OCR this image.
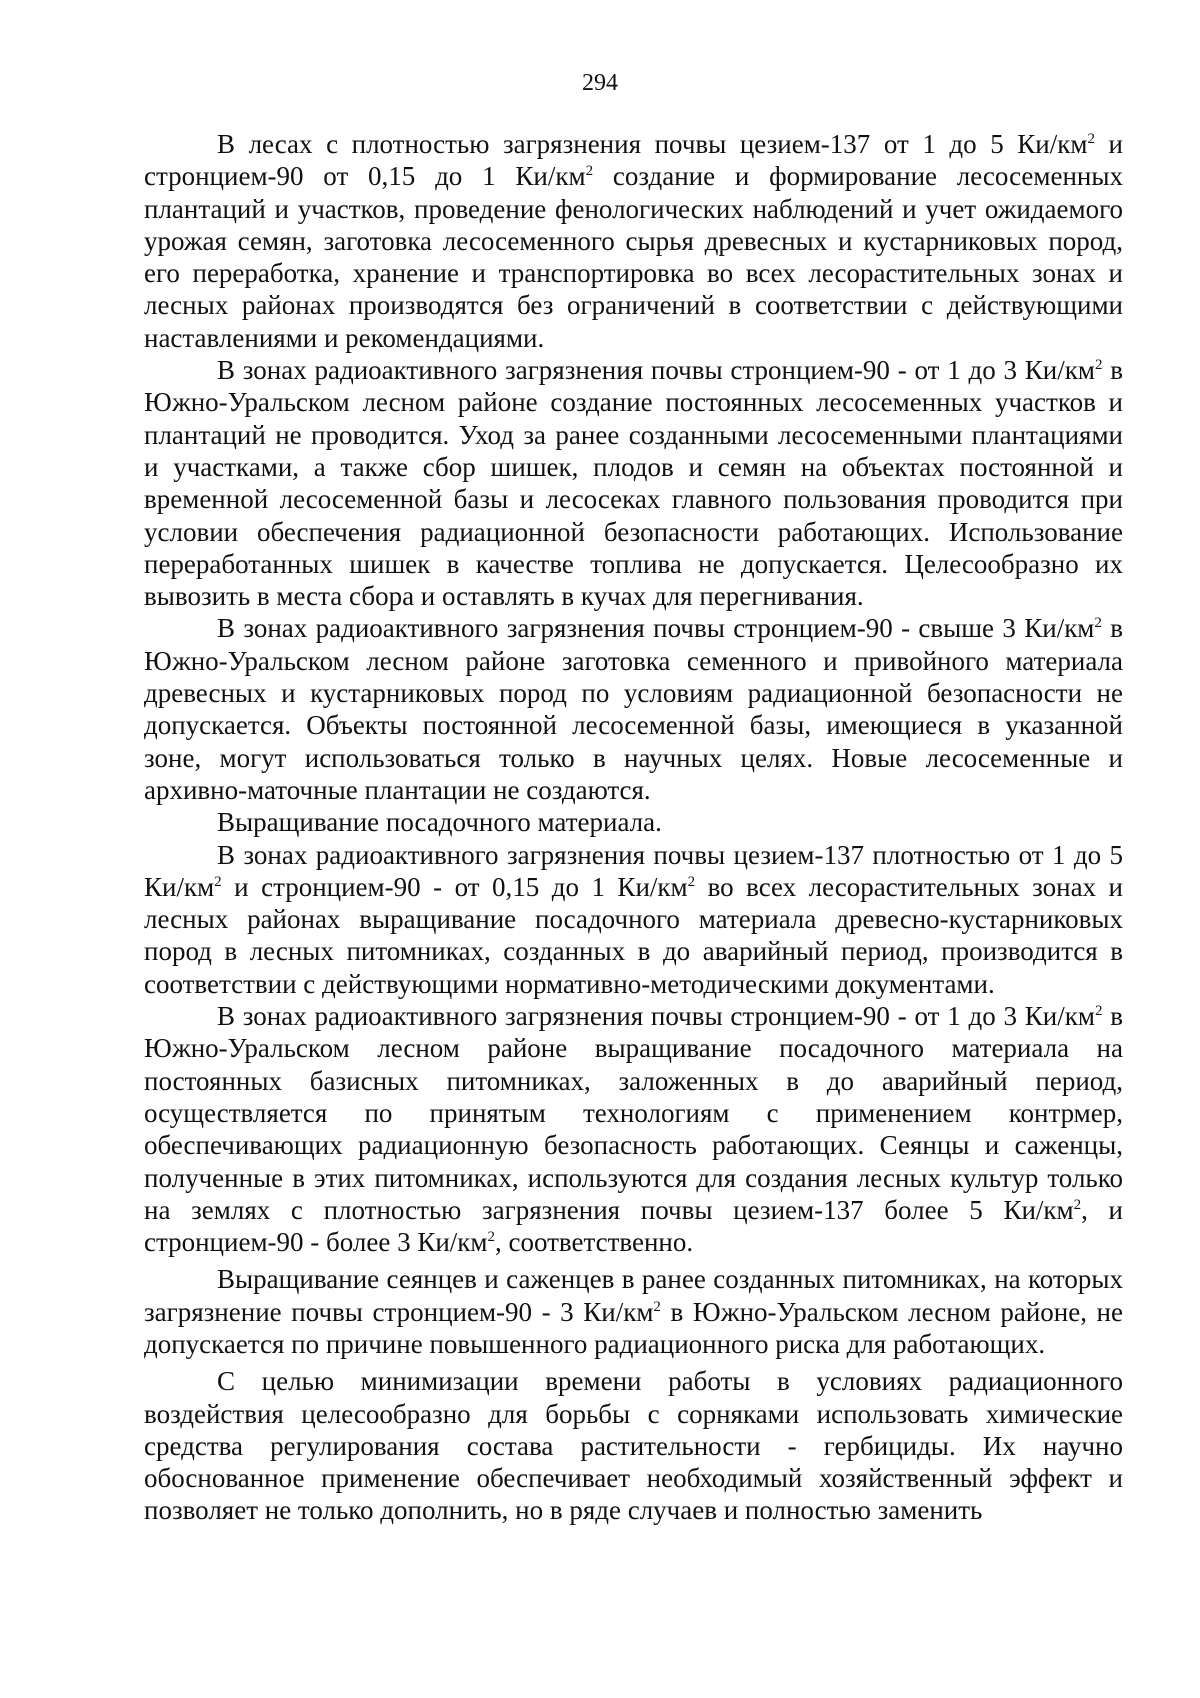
294

В лесах с плотностью загрязнения почвы цезием-137 от 1 до 5 $Ки/км^2$ и стронцием-90 от 0,15 до 1 $Ки/км^2$ создание и формирование лесосеменных плантаций и участков, проведение фенологических наблюдений и учет ожидаемого урожая семян, заготовка лесосеменного сырья древесных и кустарниковых пород, его переработка, хранение и транспортировка во всех лесорастительных зонах и лесных районах производятся без ограничений в соответствии с действующими наставлениями и рекомендациями.

В зонах радиоактивного загрязнения почвы стронцием-90 - от 1 до 3 $Ки/км^2$ в Южно-Уральском лесном районе создание постоянных лесосеменных участков и плантаций не проводится. Уход за ранее созданными лесосеменными плантациями и участками, а также сбор шишек, плодов и семян на объектах постоянной и временной лесосеменной базы и лесосеках главного пользования проводится при условии обеспечения радиационной безопасности работающих. Использование переработанных шишек в качестве топлива не допускается. Целесообразно их вывозить в места сбора и оставлять в кучах для перегнивания.

В зонах радиоактивного загрязнения почвы стронцием-90 - свыше 3 $Ки/км^2$ в Южно-Уральском лесном районе заготовка семенного и привойного материала древесных и кустарниковых пород по условиям радиационной безопасности не допускается. Объекты постоянной лесосеменной базы, имеющиеся в указанной зоне, могут использоваться только в научных целях. Новые лесосеменные и архивно-маточные плантации не создаются.

Выращивание посадочного материала.

В зонах радиоактивного загрязнения почвы цезием-137 плотностью от 1 до 5 $Ки/км^2$ и стронцием-90 - от 0,15 до 1 $Ки/км^2$ во всех лесорастительных зонах и лесных районах выращивание посадочного материала древесно-кустарниковых пород в лесных питомниках, созданных в до аварийный период, производится в соответствии с действующими нормативно-методическими документами.

В зонах радиоактивного загрязнения почвы стронцием-90 - от 1 до 3 $Ки/км^2$ в Южно-Уральском лесном районе выращивание посадочного материала на постоянных базисных питомниках, заложенных в до аварийный период, осуществляется по принятым технологиям с применением контрмер, обеспечивающих радиационную безопасность работающих. Сеянцы и саженцы, полученные в этих питомниках, используются для создания лесных культур только на землях с плотностью загрязнения почвы цезием-137 более 5 $Ки/км^2$, и стронцием-90 - более 3 $Ки/км^2$, соответственно.

Выращивание сеянцев и саженцев в ранее созданных питомниках, на которых загрязнение почвы стронцием-90 - 3 $Ки/км^2$ в Южно-Уральском лесном районе, не допускается по причине повышенного радиационного риска для работающих.

С целью минимизации времени работы в условиях радиационного воздействия целесообразно для борьбы с сорняками использовать химические средства регулирования состава растительности - гербициды. Их научно обоснованное применение обеспечивает необходимый хозяйственный эффект и позволяет не только дополнить, но в ряде случаев и полностью заменить
